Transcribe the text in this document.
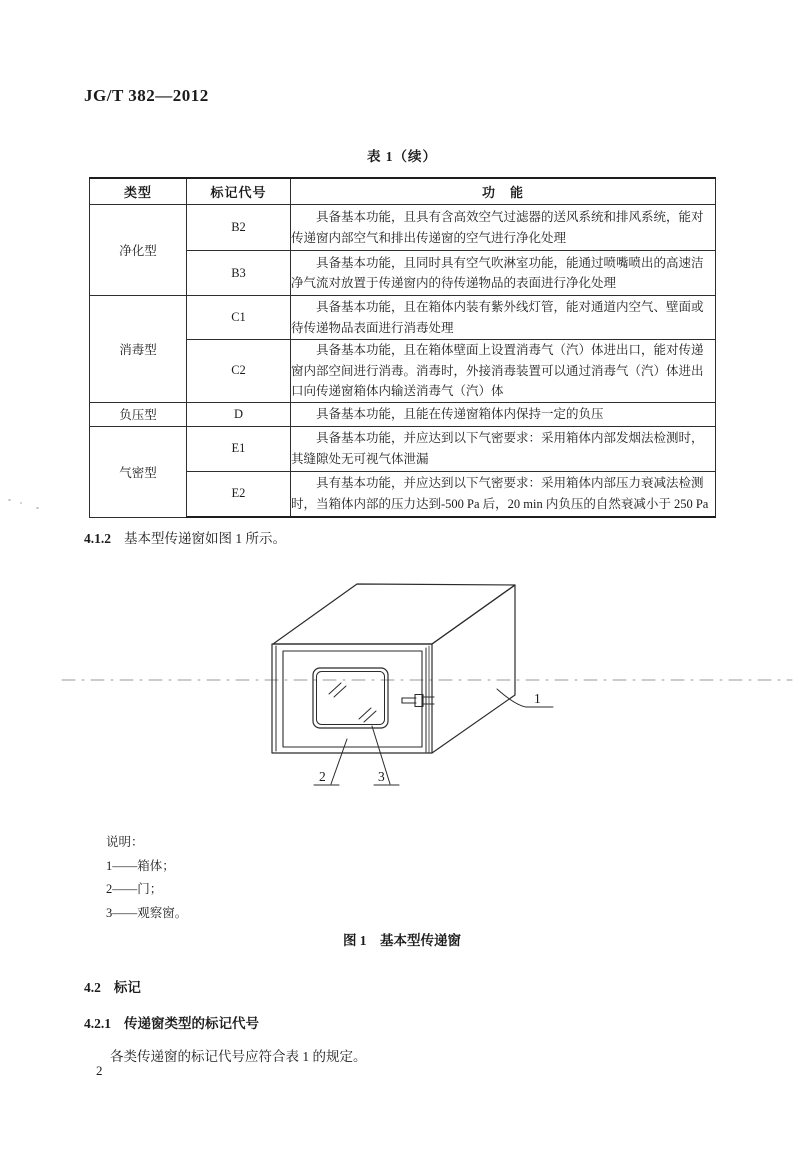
JG/T 382—2012
表 1（续）
类型	标记代号	功　能
净化型	B2	具备基本功能，且具有含高效空气过滤器的送风系统和排风系统，能对传递窗内部空气和排出传递窗的空气进行净化处理
	B3	具备基本功能，且同时具有空气吹淋室功能，能通过喷嘴喷出的高速洁净气流对放置于传递窗内的待传递物品的表面进行净化处理
消毒型	C1	具备基本功能，且在箱体内装有紫外线灯管，能对通道内空气、壁面或待传递物品表面进行消毒处理
	C2	具备基本功能，且在箱体壁面上设置消毒气（汽）体进出口，能对传递窗内部空间进行消毒。消毒时，外接消毒装置可以通过消毒气（汽）体进出口向传递窗箱体内输送消毒气（汽）体
负压型	D	具备基本功能，且能在传递窗箱体内保持一定的负压
气密型	E1	具备基本功能，并应达到以下气密要求：采用箱体内部发烟法检测时，其缝隙处无可视气体泄漏
	E2	具有基本功能，并应达到以下气密要求：采用箱体内部压力衰减法检测时，当箱体内部的压力达到-500 Pa 后，20 min 内负压的自然衰减小于 250 Pa
4.1.2 基本型传递窗如图 1 所示。
1
2	3
说明：
1——箱体；
2——门；
3——观察窗。
图 1　基本型传递窗
4.2 标记
4.2.1 传递窗类型的标记代号
各类传递窗的标记代号应符合表 1 的规定。
2
